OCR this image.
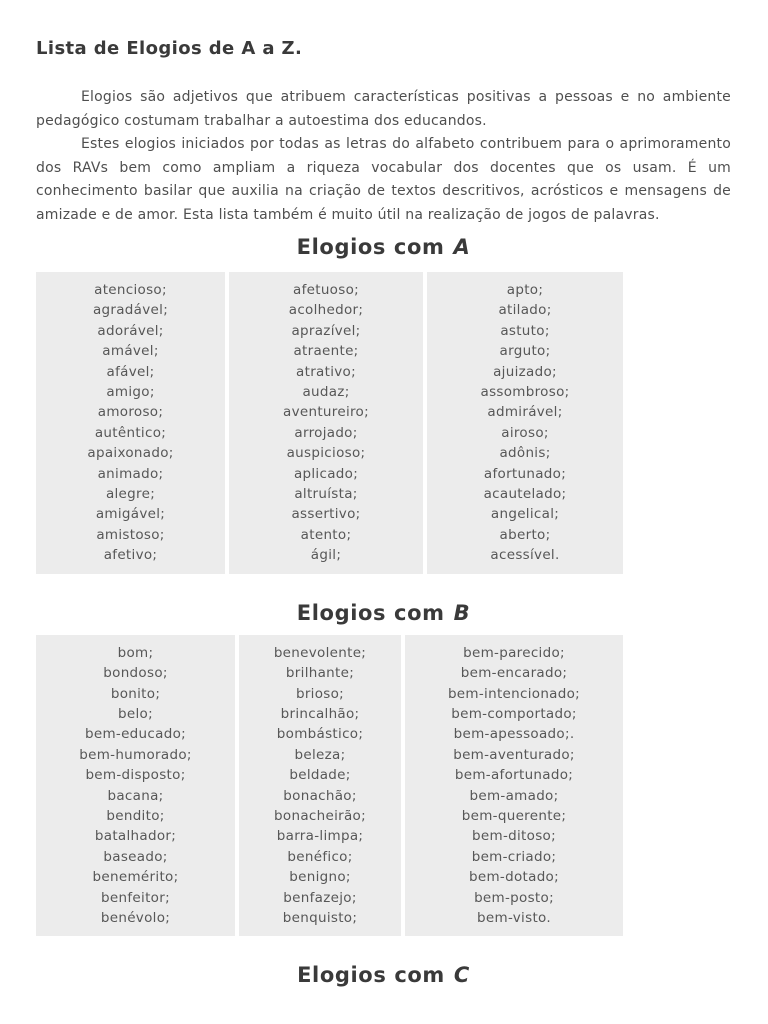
Lista de Elogios de A a Z.

Elogios são adjetivos que atribuem características positivas a pessoas e no ambiente pedagógico costumam trabalhar a autoestima dos educandos.

Estes elogios iniciados por todas as letras do alfabeto contribuem para o aprimoramento dos RAVs bem como ampliam a riqueza vocabular dos docentes que os usam. É um conhecimento basilar que auxilia na criação de textos descritivos, acrósticos e mensagens de amizade e de amor. Esta lista também é muito útil na realização de jogos de palavras.

Elogios com A
atencioso;
agradável;
adorável;
amável;
afável;
amigo;
amoroso;
autêntico;
apaixonado;
animado;
alegre;
amigável;
amistoso;
afetivo;
afetuoso;
acolhedor;
aprazível;
atraente;
atrativo;
audaz;
aventureiro;
arrojado;
auspicioso;
aplicado;
altruísta;
assertivo;
atento;
ágil;
apto;
atilado;
astuto;
arguto;
ajuizado;
assombroso;
admirável;
airoso;
adônis;
afortunado;
acautelado;
angelical;
aberto;
acessível.
Elogios com B
bom;
bondoso;
bonito;
belo;
bem-educado;
bem-humorado;
bem-disposto;
bacana;
bendito;
batalhador;
baseado;
benemérito;
benfeitor;
benévolo;
benevolente;
brilhante;
brioso;
brincalhão;
bombástico;
beleza;
beldade;
bonachão;
bonacheirão;
barra-limpa;
benéfico;
benigno;
benfazejo;
benquisto;
bem-parecido;
bem-encarado;
bem-intencionado;
bem-comportado;
bem-apessoado;.
bem-aventurado;
bem-afortunado;
bem-amado;
bem-querente;
bem-ditoso;
bem-criado;
bem-dotado;
bem-posto;
bem-visto.
Elogios com C
